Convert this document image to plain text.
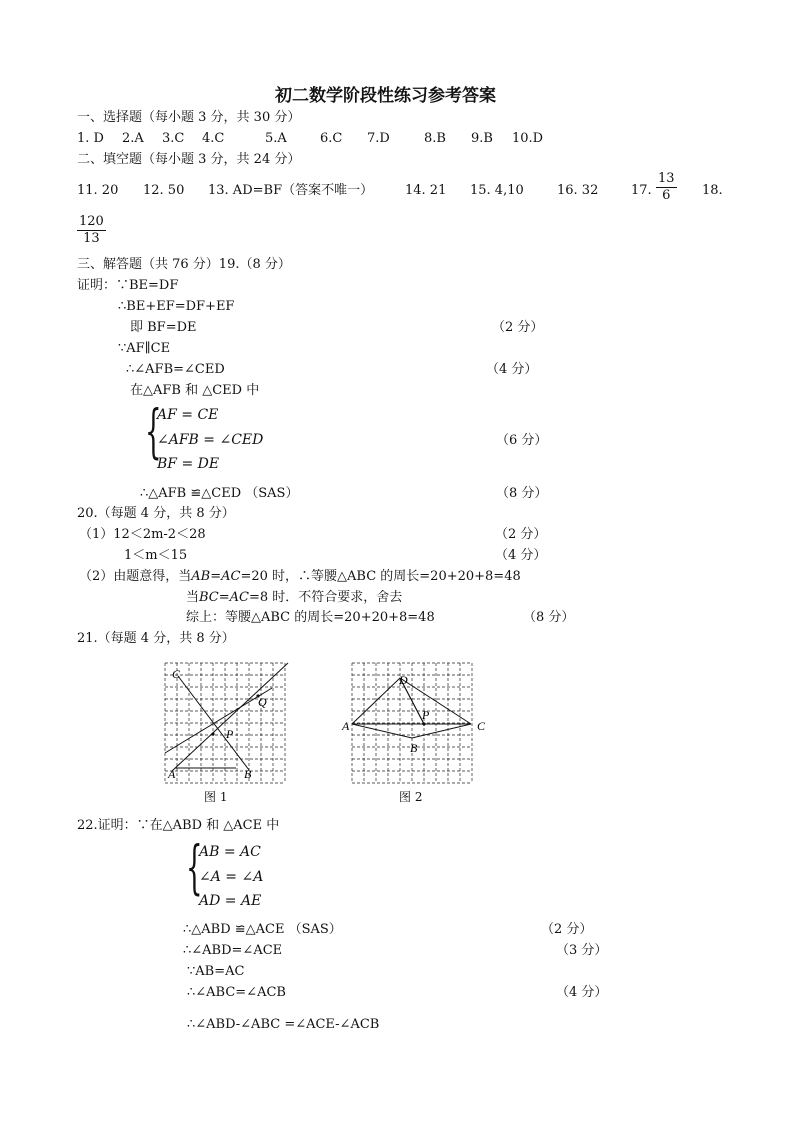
初二数学阶段性练习参考答案
一、选择题（每小题 3 分，共 30 分）
1. D 2.A 3.C 4.C	5.A	6.C 7.D	8.B 9.B 10.D
二、填空题（每小题 3 分，共 24 分）
11. 20 12. 50 13. AD=BF（答案不唯一） 14. 21 15. 4,10	16. 32	17. $\frac{13}{6} 18$.
$\frac{120}{13}$
三、解答题（共 76 分）19.（8 分）
证明：∵BE=DF
∴BE+EF=DF+EF
即 BF=DE	（2 分）
∵AF∥CE
∴∠AFB=∠CED	（4 分）
在△AFB 和 △CED 中
{
AF = CE
∠AFB = ∠CED
BF = DE
（6 分）
∴△AFB ≌△CED （SAS）	（8 分）
20.（每题 4 分，共 8 分）
（1）12＜2m-2＜28	（2 分）
1＜m＜15	（4 分）
（2）由题意得，当AB=AC=20 时，∴等腰△ABC 的周长=20+20+8=48
当BC=AC=8 时．不符合要求，舍去
综上：等腰△ABC 的周长=20+20+8=48	（8 分）
21.（每题 4 分，共 8 分）
C
A	B
P
Q
图 1
A	C
D
B
P
图 2
22.证明：∵在△ABD 和 △ACE 中
{
AB = AC
∠A = ∠A
AD = AE
∴△ABD ≌△ACE （SAS）	（2 分）
∴∠ABD=∠ACE	（3 分）
∵AB=AC
∴∠ABC=∠ACB	（4 分）
∴∠ABD-∠ABC =∠ACE-∠ACB
